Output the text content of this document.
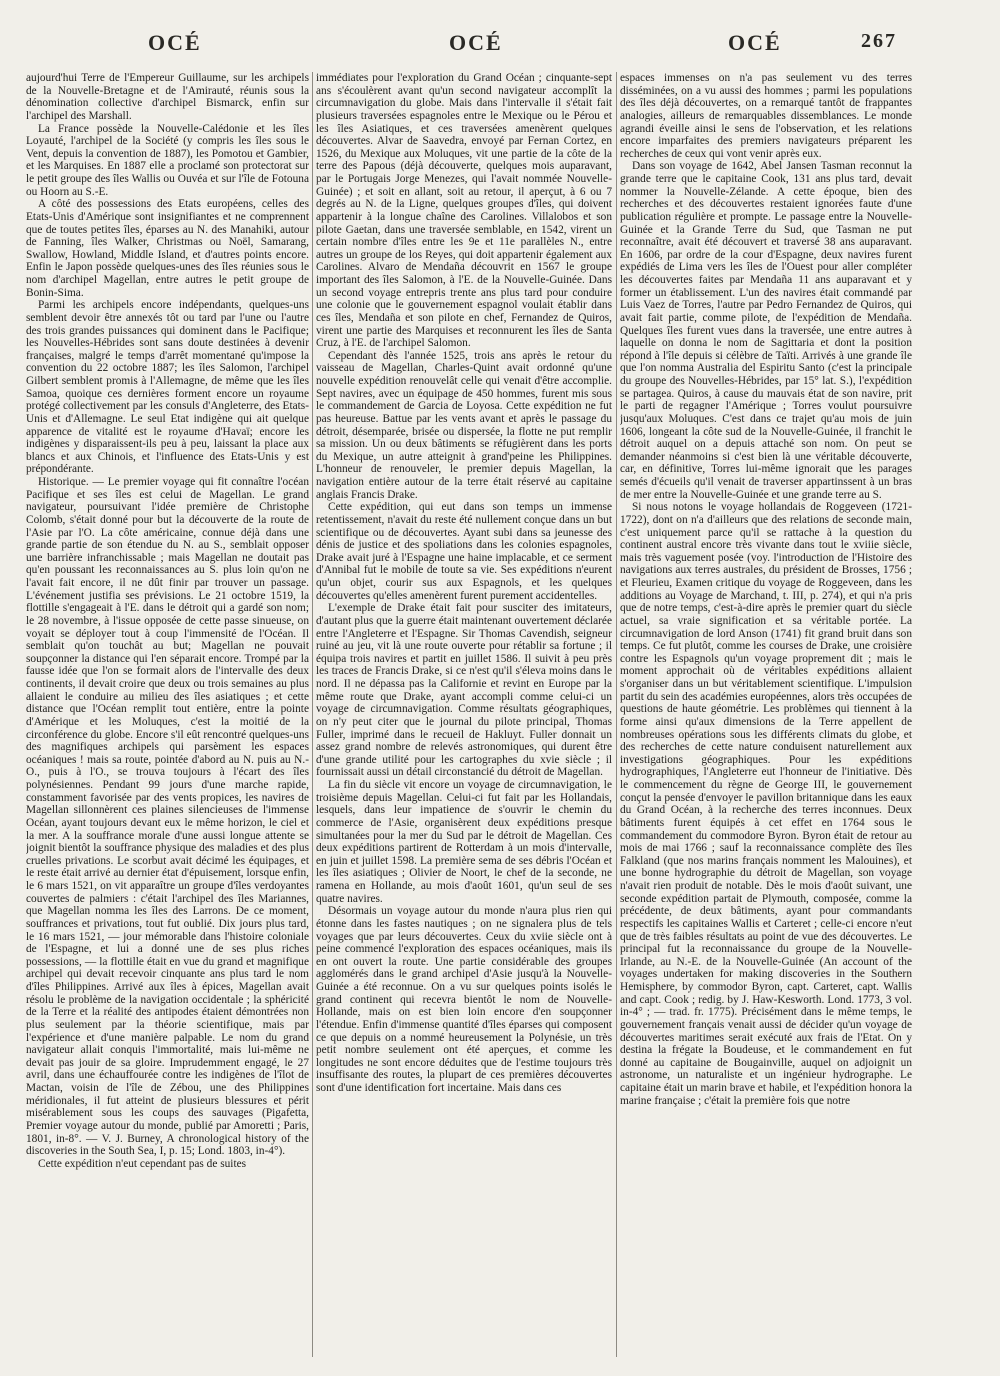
OCÉ	OCÉ	OCÉ	267

aujourd'hui Terre de l'Empereur Guillaume, sur les archipels de la Nouvelle-Bretagne et de l'Amirauté, réunis sous la dénomination collective d'archipel Bismarck, enfin sur l'archipel des Marshall.

La France possède la Nouvelle-Calédonie et les îles Loyauté, l'archipel de la Société (y compris les îles sous le Vent, depuis la convention de 1887), les Pomotou et Gambier, et les Marquises. En 1887 elle a proclamé son protectorat sur le petit groupe des îles Wallis ou Ouvéa et sur l'île de Fotouna ou Hoorn au S.-E.

A côté des possessions des Etats européens, celles des Etats-Unis d'Amérique sont insignifiantes et ne comprennent que de toutes petites îles, éparses au N. des Manahiki, autour de Fanning, îles Walker, Christmas ou Noël, Samarang, Swallow, Howland, Middle Island, et d'autres points encore. Enfin le Japon possède quelques-unes des îles réunies sous le nom d'archipel Magellan, entre autres le petit groupe de Bonin-Sima.

Parmi les archipels encore indépendants, quelques-uns semblent devoir être annexés tôt ou tard par l'une ou l'autre des trois grandes puissances qui dominent dans le Pacifique; les Nouvelles-Hébrides sont sans doute destinées à devenir françaises, malgré le temps d'arrêt momentané qu'impose la convention du 22 octobre 1887; les îles Salomon, l'archipel Gilbert semblent promis à l'Allemagne, de même que les îles Samoa, quoique ces dernières forment encore un royaume protégé collectivement par les consuls d'Angleterre, des Etats-Unis et d'Allemagne. Le seul Etat indigène qui ait quelque apparence de vitalité est le royaume d'Havaï; encore les indigènes y disparaissent-ils peu à peu, laissant la place aux blancs et aux Chinois, et l'influence des Etats-Unis y est prépondérante.

Historique. — Le premier voyage qui fit connaître l'océan Pacifique et ses îles est celui de Magellan. Le grand navigateur, poursuivant l'idée première de Christophe Colomb, s'était donné pour but la découverte de la route de l'Asie par l'O. La côte américaine, connue déjà dans une grande partie de son étendue du N. au S., semblait opposer une barrière infranchissable ; mais Magellan ne doutait pas qu'en poussant les reconnaissances au S. plus loin qu'on ne l'avait fait encore, il ne dût finir par trouver un passage. L'événement justifia ses prévisions. Le 21 octobre 1519, la flottille s'engageait à l'E. dans le détroit qui a gardé son nom; le 28 novembre, à l'issue opposée de cette passe sinueuse, on voyait se déployer tout à coup l'immensité de l'Océan. Il semblait qu'on touchât au but; Magellan ne pouvait soupçonner la distance qui l'en séparait encore. Trompé par la fausse idée que l'on se formait alors de l'intervalle des deux continents, il devait croire que deux ou trois semaines au plus allaient le conduire au milieu des îles asiatiques ; et cette distance que l'Océan remplit tout entière, entre la pointe d'Amérique et les Moluques, c'est la moitié de la circonférence du globe. Encore s'il eût rencontré quelques-uns des magnifiques archipels qui parsèment les espaces océaniques ! mais sa route, pointée d'abord au N. puis au N.-O., puis à l'O., se trouva toujours à l'écart des îles polynésiennes. Pendant 99 jours d'une marche rapide, constamment favorisée par des vents propices, les navires de Magellan sillonnèrent ces plaines silencieuses de l'immense Océan, ayant toujours devant eux le même horizon, le ciel et la mer. A la souffrance morale d'une aussi longue attente se joignit bientôt la souffrance physique des maladies et des plus cruelles privations. Le scorbut avait décimé les équipages, et le reste était arrivé au dernier état d'épuisement, lorsque enfin, le 6 mars 1521, on vit apparaître un groupe d'îles verdoyantes couvertes de palmiers : c'était l'archipel des îles Mariannes, que Magellan nomma les îles des Larrons. De ce moment, souffrances et privations, tout fut oublié. Dix jours plus tard, le 16 mars 1521, — jour mémorable dans l'histoire coloniale de l'Espagne, et lui a donné une de ses plus riches possessions, — la flottille était en vue du grand et magnifique archipel qui devait recevoir cinquante ans plus tard le nom d'îles Philippines. Arrivé aux îles à épices, Magellan avait résolu le problème de la navigation occidentale ; la sphéricité de la Terre et la réalité des antipodes étaient démontrées non plus seulement par la théorie scientifique, mais par l'expérience et d'une manière palpable. Le nom du grand navigateur allait conquis l'immortalité, mais lui-même ne devait pas jouir de sa gloire. Imprudemment engagé, le 27 avril, dans une échauffourée contre les indigènes de l'îlot de Mactan, voisin de l'île de Zébou, une des Philippines méridionales, il fut atteint de plusieurs blessures et périt misérablement sous les coups des sauvages (Pigafetta, Premier voyage autour du monde, publié par Amoretti ; Paris, 1801, in-8°. — V. J. Burney, A chronological history of the discoveries in the South Sea, I, p. 15; Lond. 1803, in-4°).

Cette expédition n'eut cependant pas de suites

immédiates pour l'exploration du Grand Océan ; cinquante-sept ans s'écoulèrent avant qu'un second navigateur accomplît la circumnavigation du globe. Mais dans l'intervalle il s'était fait plusieurs traversées espagnoles entre le Mexique ou le Pérou et les îles Asiatiques, et ces traversées amenèrent quelques découvertes. Alvar de Saavedra, envoyé par Fernan Cortez, en 1526, du Mexique aux Moluques, vit une partie de la côte de la terre des Papous (déjà découverte, quelques mois auparavant, par le Portugais Jorge Menezes, qui l'avait nommée Nouvelle-Guinée) ; et soit en allant, soit au retour, il aperçut, à 6 ou 7 degrés au N. de la Ligne, quelques groupes d'îles, qui doivent appartenir à la longue chaîne des Carolines. Villalobos et son pilote Gaetan, dans une traversée semblable, en 1542, virent un certain nombre d'îles entre les 9e et 11e parallèles N., entre autres un groupe de los Reyes, qui doit appartenir également aux Carolines. Alvaro de Mendaña découvrit en 1567 le groupe important des îles Salomon, à l'E. de la Nouvelle-Guinée. Dans un second voyage entrepris trente ans plus tard pour conduire une colonie que le gouvernement espagnol voulait établir dans ces îles, Mendaña et son pilote en chef, Fernandez de Quiros, virent une partie des Marquises et reconnurent les îles de Santa Cruz, à l'E. de l'archipel Salomon.

Cependant dès l'année 1525, trois ans après le retour du vaisseau de Magellan, Charles-Quint avait ordonné qu'une nouvelle expédition renouvelât celle qui venait d'être accomplie. Sept navires, avec un équipage de 450 hommes, furent mis sous le commandement de Garcia de Loyosa. Cette expédition ne fut pas heureuse. Battue par les vents avant et après le passage du détroit, désemparée, brisée ou dispersée, la flotte ne put remplir sa mission. Un ou deux bâtiments se réfugièrent dans les ports du Mexique, un autre atteignit à grand'peine les Philippines. L'honneur de renouveler, le premier depuis Magellan, la navigation entière autour de la terre était réservé au capitaine anglais Francis Drake.

Cette expédition, qui eut dans son temps un immense retentissement, n'avait du reste été nullement conçue dans un but scientifique ou de découvertes. Ayant subi dans sa jeunesse des dénis de justice et des spoliations dans les colonies espagnoles, Drake avait juré à l'Espagne une haine implacable, et ce serment d'Annibal fut le mobile de toute sa vie. Ses expéditions n'eurent qu'un objet, courir sus aux Espagnols, et les quelques découvertes qu'elles amenèrent furent purement accidentelles.

L'exemple de Drake était fait pour susciter des imitateurs, d'autant plus que la guerre était maintenant ouvertement déclarée entre l'Angleterre et l'Espagne. Sir Thomas Cavendish, seigneur ruiné au jeu, vit là une route ouverte pour rétablir sa fortune ; il équipa trois navires et partit en juillet 1586. Il suivit à peu près les traces de Francis Drake, si ce n'est qu'il s'éleva moins dans le nord. Il ne dépassa pas la Californie et revint en Europe par la même route que Drake, ayant accompli comme celui-ci un voyage de circumnavigation. Comme résultats géographiques, on n'y peut citer que le journal du pilote principal, Thomas Fuller, imprimé dans le recueil de Hakluyt. Fuller donnait un assez grand nombre de relevés astronomiques, qui durent être d'une grande utilité pour les cartographes du xvie siècle ; il fournissait aussi un détail circonstancié du détroit de Magellan.

La fin du siècle vit encore un voyage de circumnavigation, le troisième depuis Magellan. Celui-ci fut fait par les Hollandais, lesquels, dans leur impatience de s'ouvrir le chemin du commerce de l'Asie, organisèrent deux expéditions presque simultanées pour la mer du Sud par le détroit de Magellan. Ces deux expéditions partirent de Rotterdam à un mois d'intervalle, en juin et juillet 1598. La première sema de ses débris l'Océan et les îles asiatiques ; Olivier de Noort, le chef de la seconde, ne ramena en Hollande, au mois d'août 1601, qu'un seul de ses quatre navires.

Désormais un voyage autour du monde n'aura plus rien qui étonne dans les fastes nautiques ; on ne signalera plus de tels voyages que par leurs découvertes. Ceux du xviie siècle ont à peine commencé l'exploration des espaces océaniques, mais ils en ont ouvert la route. Une partie considérable des groupes agglomérés dans le grand archipel d'Asie jusqu'à la Nouvelle-Guinée a été reconnue. On a vu sur quelques points isolés le grand continent qui recevra bientôt le nom de Nouvelle-Hollande, mais on est bien loin encore d'en soupçonner l'étendue. Enfin d'immense quantité d'îles éparses qui composent ce que depuis on a nommé heureusement la Polynésie, un très petit nombre seulement ont été aperçues, et comme les longitudes ne sont encore déduites que de l'estime toujours très insuffisante des routes, la plupart de ces premières découvertes sont d'une identification fort incertaine. Mais dans ces

espaces immenses on n'a pas seulement vu des terres disséminées, on a vu aussi des hommes ; parmi les populations des îles déjà découvertes, on a remarqué tantôt de frappantes analogies, ailleurs de remarquables dissemblances. Le monde agrandi éveille ainsi le sens de l'observation, et les relations encore imparfaites des premiers navigateurs préparent les recherches de ceux qui vont venir après eux.

Dans son voyage de 1642, Abel Jansen Tasman reconnut la grande terre que le capitaine Cook, 131 ans plus tard, devait nommer la Nouvelle-Zélande. A cette époque, bien des recherches et des découvertes restaient ignorées faute d'une publication régulière et prompte. Le passage entre la Nouvelle-Guinée et la Grande Terre du Sud, que Tasman ne put reconnaître, avait été découvert et traversé 38 ans auparavant. En 1606, par ordre de la cour d'Espagne, deux navires furent expédiés de Lima vers les îles de l'Ouest pour aller compléter les découvertes faites par Mendaña 11 ans auparavant et y former un établissement. L'un des navires était commandé par Luis Vaez de Torres, l'autre par Pedro Fernandez de Quiros, qui avait fait partie, comme pilote, de l'expédition de Mendaña. Quelques îles furent vues dans la traversée, une entre autres à laquelle on donna le nom de Sagittaria et dont la position répond à l'île depuis si célèbre de Taïti. Arrivés à une grande île que l'on nomma Australia del Espiritu Santo (c'est la principale du groupe des Nouvelles-Hébrides, par 15° lat. S.), l'expédition se partagea. Quiros, à cause du mauvais état de son navire, prit le parti de regagner l'Amérique ; Torres voulut poursuivre jusqu'aux Moluques. C'est dans ce trajet qu'au mois de juin 1606, longeant la côte sud de la Nouvelle-Guinée, il franchit le détroit auquel on a depuis attaché son nom. On peut se demander néanmoins si c'est bien là une véritable découverte, car, en définitive, Torres lui-même ignorait que les parages semés d'écueils qu'il venait de traverser appartinssent à un bras de mer entre la Nouvelle-Guinée et une grande terre au S.

Si nous notons le voyage hollandais de Roggeveen (1721-1722), dont on n'a d'ailleurs que des relations de seconde main, c'est uniquement parce qu'il se rattache à la question du continent austral encore très vivante dans tout le xviiie siècle, mais très vaguement posée (voy. l'introduction de l'Histoire des navigations aux terres australes, du président de Brosses, 1756 ; et Fleurieu, Examen critique du voyage de Roggeveen, dans les additions au Voyage de Marchand, t. III, p. 274), et qui n'a pris que de notre temps, c'est-à-dire après le premier quart du siècle actuel, sa vraie signification et sa véritable portée. La circumnavigation de lord Anson (1741) fit grand bruit dans son temps. Ce fut plutôt, comme les courses de Drake, une croisière contre les Espagnols qu'un voyage proprement dit ; mais le moment approchait où de véritables expéditions allaient s'organiser dans un but véritablement scientifique. L'impulsion partit du sein des académies européennes, alors très occupées de questions de haute géométrie. Les problèmes qui tiennent à la forme ainsi qu'aux dimensions de la Terre appellent de nombreuses opérations sous les différents climats du globe, et des recherches de cette nature conduisent naturellement aux investigations géographiques. Pour les expéditions hydrographiques, l'Angleterre eut l'honneur de l'initiative. Dès le commencement du règne de George III, le gouvernement conçut la pensée d'envoyer le pavillon britannique dans les eaux du Grand Océan, à la recherche des terres inconnues. Deux bâtiments furent équipés à cet effet en 1764 sous le commandement du commodore Byron. Byron était de retour au mois de mai 1766 ; sauf la reconnaissance complète des îles Falkland (que nos marins français nomment les Malouines), et une bonne hydrographie du détroit de Magellan, son voyage n'avait rien produit de notable. Dès le mois d'août suivant, une seconde expédition partait de Plymouth, composée, comme la précédente, de deux bâtiments, ayant pour commandants respectifs les capitaines Wallis et Carteret ; celle-ci encore n'eut que de très faibles résultats au point de vue des découvertes. Le principal fut la reconnaissance du groupe de la Nouvelle-Irlande, au N.-E. de la Nouvelle-Guinée (An account of the voyages undertaken for making discoveries in the Southern Hemisphere, by commodor Byron, capt. Carteret, capt. Wallis and capt. Cook ; redig. by J. Haw-Kesworth. Lond. 1773, 3 vol. in-4° ; — trad. fr. 1775). Précisément dans le même temps, le gouvernement français venait aussi de décider qu'un voyage de découvertes maritimes serait exécuté aux frais de l'Etat. On y destina la frégate la Boudeuse, et le commandement en fut donné au capitaine de Bougainville, auquel on adjoignit un astronome, un naturaliste et un ingénieur hydrographe. Le capitaine était un marin brave et habile, et l'expédition honora la marine française ; c'était la première fois que notre
